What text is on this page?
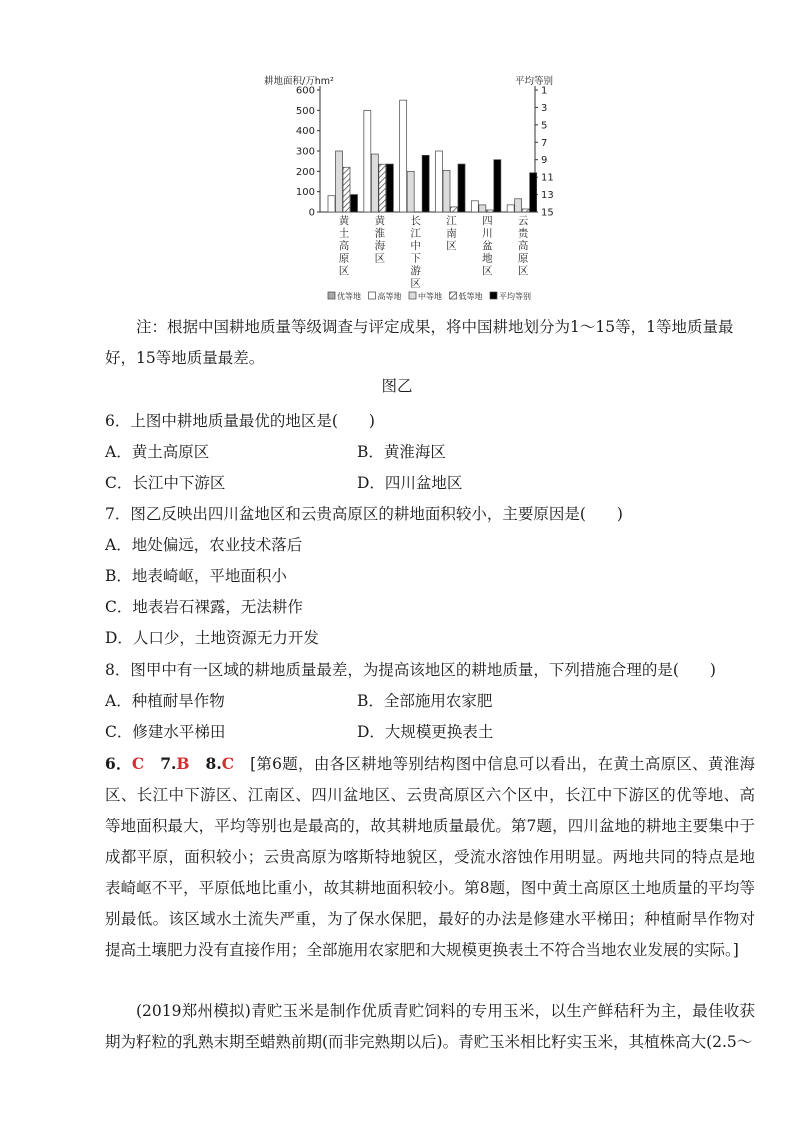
耕地面积/万hm²	平均等别
0
100
200
300
400
500
600	1
3
5
7
9
11
13
15
黄土高原区
黄淮海区
长江中下游区
江南区
四川盆地区
云贵高原区
优等地 高等地 中等地 低等地 平均等别
注：根据中国耕地质量等级调查与评定成果，将中国耕地划分为1～15等，1等地质量最
好，15等地质量最差。
图乙
6．上图中耕地质量最优的地区是(　　)
A．黄土高原区	B．黄淮海区
C．长江中下游区	D．四川盆地区
7．图乙反映出四川盆地区和云贵高原区的耕地面积较小，主要原因是(　　)
A．地处偏远，农业技术落后
B．地表崎岖，平地面积小
C．地表岩石裸露，无法耕作
D．人口少，土地资源无力开发
8．图甲中有一区域的耕地质量最差，为提高该地区的耕地质量，下列措施合理的是(　　)
A．种植耐旱作物	B．全部施用农家肥
C．修建水平梯田	D．大规模更换表土
6．C　 7.B　 8.C　 [第6题，由各区耕地等别结构图中信息可以看出，在黄土高原区、黄淮海区、长江中下游区、江南区、四川盆地区、云贵高原区六个区中，长江中下游区的优等地、高等地面积最大，平均等别也是最高的，故其耕地质量最优。第7题，四川盆地的耕地主要集中于成都平原，面积较小；云贵高原为喀斯特地貌区，受流水溶蚀作用明显。两地共同的特点是地表崎岖不平，平原低地比重小，故其耕地面积较小。第8题，图中黄土高原区土地质量的平均等别最低。该区域水土流失严重，为了保水保肥，最好的办法是修建水平梯田；种植耐旱作物对提高土壤肥力没有直接作用；全部施用农家肥和大规模更换表土不符合当地农业发展的实际。]
(2019郑州模拟)青贮玉米是制作优质青贮饲料的专用玉米，以生产鲜秸秆为主，最佳收获期为籽粒的乳熟末期至蜡熟前期(而非完熟期以后)。青贮玉米相比籽实玉米，其植株高大(2.5～
